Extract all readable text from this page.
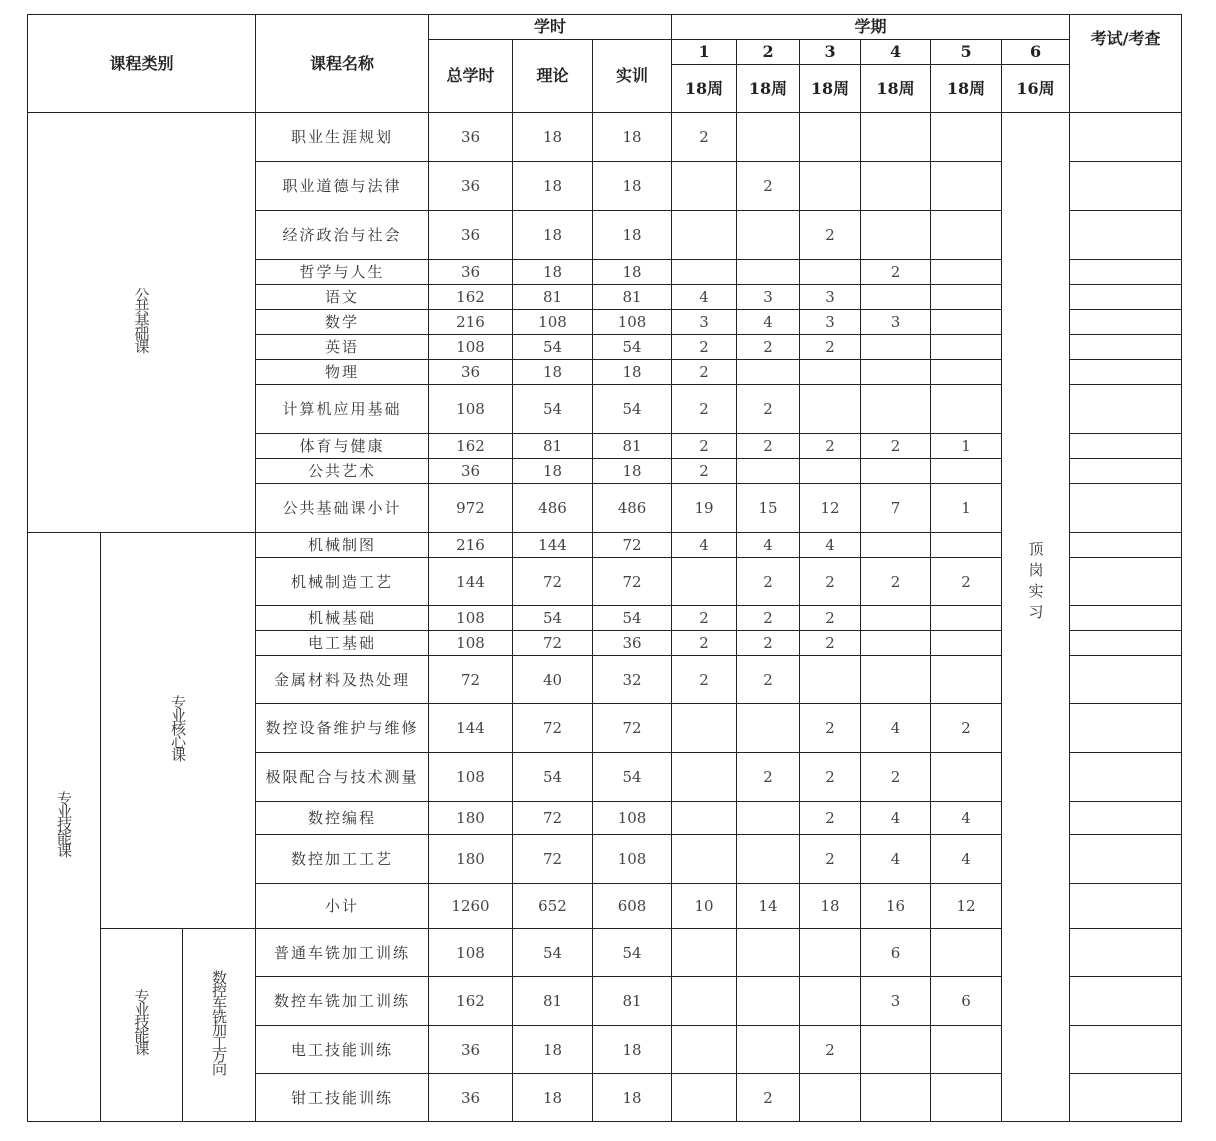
课程类别			课程名称	学时			学期						考试/考查
				总学时	理论	实训	1	2	3	4	5	6	
							18周	18周	18周	18周	18周	16周	
公共基础课			职业生涯规划	36	18	18	2					顶岗实习	
			职业道德与法律	36	18	18		2					
			经济政治与社会	36	18	18			2				
			哲学与人生	36	18	18				2			
			语文	162	81	81	4	3	3				
			数学	216	108	108	3	4	3	3			
			英语	108	54	54	2	2	2				
			物理	36	18	18	2						
			计算机应用基础	108	54	54	2	2					
			体育与健康	162	81	81	2	2	2	2	1		
			公共艺术	36	18	18	2						
			公共基础课小计	972	486	486	19	15	12	7	1		
专业技能课	专业核心课		机械制图	216	144	72	4	4	4				
			机械制造工艺	144	72	72		2	2	2	2		
			机械基础	108	54	54	2	2	2				
			电工基础	108	72	36	2	2	2				
			金属材料及热处理	72	40	32	2	2					
			数控设备维护与维修	144	72	72			2	4	2		
			极限配合与技术测量	108	54	54		2	2	2			
			数控编程	180	72	108			2	4	4		
			数控加工工艺	180	72	108			2	4	4		
			小计	1260	652	608	10	14	18	16	12		
	专业技能课	数控车铣加工方向	普通车铣加工训练	108	54	54				6			
			数控车铣加工训练	162	81	81				3	6		
			电工技能训练	36	18	18			2				
			钳工技能训练	36	18	18		2					
